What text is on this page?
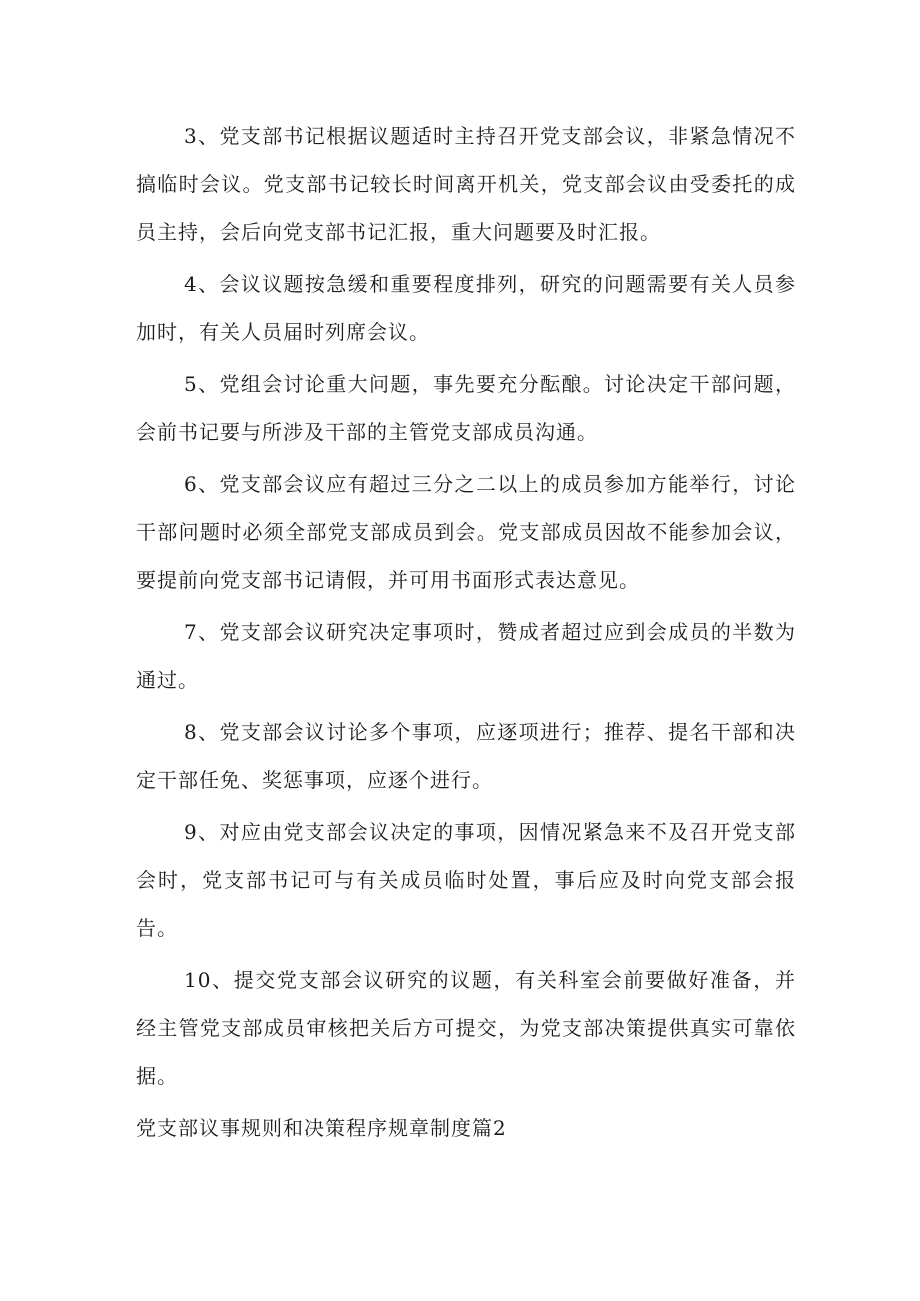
3、党支部书记根据议题适时主持召开党支部会议，非紧急情况不搞临时会议。党支部书记较长时间离开机关，党支部会议由受委托的成员主持，会后向党支部书记汇报，重大问题要及时汇报。

4、会议议题按急缓和重要程度排列，研究的问题需要有关人员参加时，有关人员届时列席会议。

5、党组会讨论重大问题，事先要充分酝酿。讨论决定干部问题，会前书记要与所涉及干部的主管党支部成员沟通。

6、党支部会议应有超过三分之二以上的成员参加方能举行，讨论干部问题时必须全部党支部成员到会。党支部成员因故不能参加会议，要提前向党支部书记请假，并可用书面形式表达意见。

7、党支部会议研究决定事项时，赞成者超过应到会成员的半数为通过。

8、党支部会议讨论多个事项，应逐项进行；推荐、提名干部和决定干部任免、奖惩事项，应逐个进行。

9、对应由党支部会议决定的事项，因情况紧急来不及召开党支部会时，党支部书记可与有关成员临时处置，事后应及时向党支部会报告。

10、提交党支部会议研究的议题，有关科室会前要做好准备，并经主管党支部成员审核把关后方可提交，为党支部决策提供真实可靠依据。

党支部议事规则和决策程序规章制度篇2
